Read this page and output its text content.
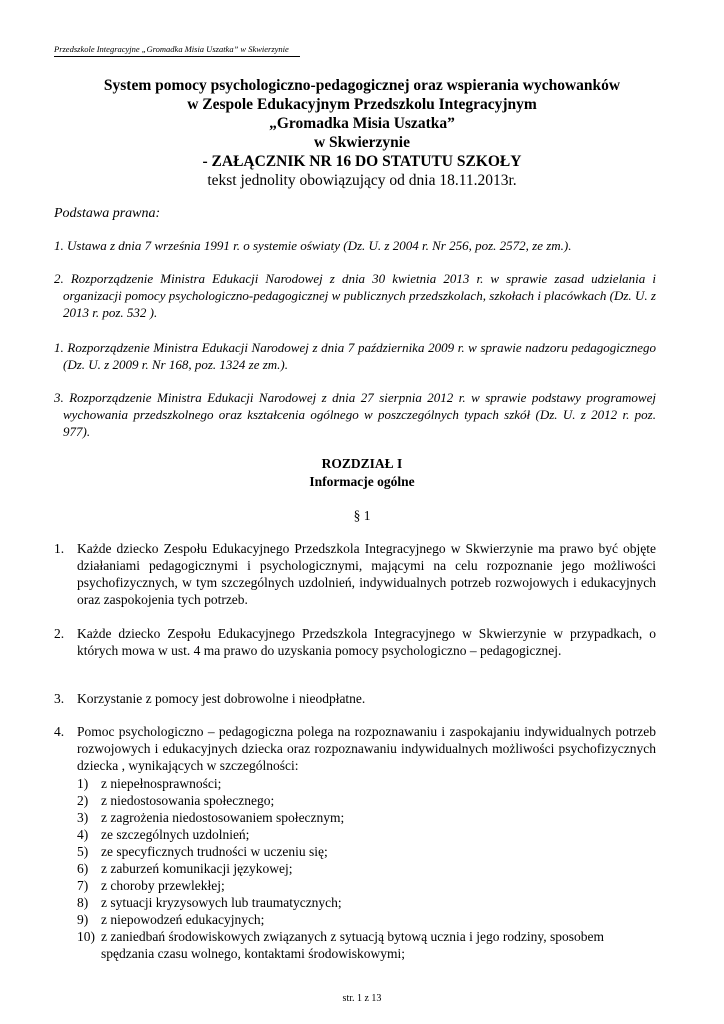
Przedszkole Integracyjne „Gromadka Misia Uszatka” w Skwierzynie
System pomocy psychologiczno-pedagogicznej oraz wspierania wychowanków
w Zespole Edukacyjnym Przedszkolu Integracyjnym
„Gromadka Misia Uszatka”
w Skwierzynie
- ZAŁĄCZNIK NR 16 DO STATUTU SZKOŁY
tekst jednolity obowiązujący od dnia 18.11.2013r.
Podstawa prawna:
1. Ustawa z dnia 7 września 1991 r. o systemie oświaty (Dz. U. z 2004 r. Nr 256, poz. 2572, ze zm.).
2. Rozporządzenie Ministra Edukacji Narodowej z dnia 30 kwietnia 2013 r. w sprawie zasad udzielania i organizacji pomocy psychologiczno-pedagogicznej w publicznych przedszkolach, szkołach i placówkach (Dz. U. z 2013 r. poz. 532 ).
1. Rozporządzenie Ministra Edukacji Narodowej z dnia 7 października 2009 r. w sprawie nadzoru pedagogicznego (Dz. U. z 2009 r. Nr 168, poz. 1324 ze zm.).
3. Rozporządzenie Ministra Edukacji Narodowej z dnia 27 sierpnia 2012 r. w sprawie podstawy programowej wychowania przedszkolnego oraz kształcenia ogólnego w poszczególnych typach szkół (Dz. U. z 2012 r. poz. 977).
ROZDZIAŁ I
Informacje ogólne
§ 1
1. Każde dziecko Zespołu Edukacyjnego Przedszkola Integracyjnego w Skwierzynie ma prawo być objęte działaniami pedagogicznymi i psychologicznymi, mającymi na celu rozpoznanie jego możliwości psychofizycznych, w tym szczególnych uzdolnień, indywidualnych potrzeb rozwojowych i edukacyjnych oraz zaspokojenia tych potrzeb.
2. Każde dziecko Zespołu Edukacyjnego Przedszkola Integracyjnego w Skwierzynie w przypadkach, o których mowa w ust. 4 ma prawo do uzyskania pomocy psychologiczno – pedagogicznej.
3. Korzystanie z pomocy jest dobrowolne i nieodpłatne.
4. Pomoc psychologiczno – pedagogiczna polega na rozpoznawaniu i zaspokajaniu indywidualnych potrzeb rozwojowych i edukacyjnych dziecka oraz rozpoznawaniu indywidualnych możliwości psychofizycznych dziecka , wynikających w szczególności:
1) z niepełnosprawności;
2) z niedostosowania społecznego;
3) z zagrożenia niedostosowaniem społecznym;
4) ze szczególnych uzdolnień;
5) ze specyficznych trudności w uczeniu się;
6) z zaburzeń komunikacji językowej;
7) z choroby przewlekłej;
8) z sytuacji kryzysowych lub traumatycznych;
9) z niepowodzeń edukacyjnych;
10) z zaniedbań środowiskowych związanych z sytuacją bytową ucznia i jego rodziny, sposobem spędzania czasu wolnego, kontaktami środowiskowymi;
str. 1 z 13
